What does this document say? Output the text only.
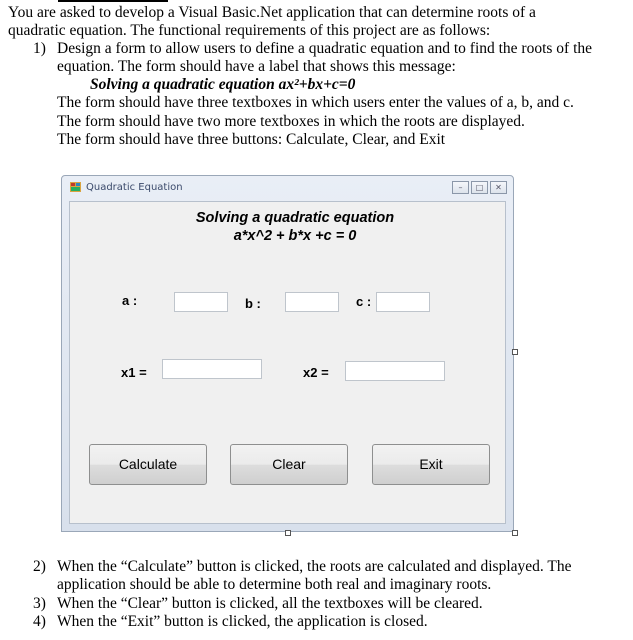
You are asked to develop a Visual Basic.Net application that can determine roots of a
quadratic equation. The functional requirements of this project are as follows:
1) Design a form to allow users to define a quadratic equation and to find the roots of the
equation. The form should have a label that shows this message:
Solving a quadratic equation ax²+bx+c=0
The form should have three textboxes in which users enter the values of a, b, and c.
The form should have two more textboxes in which the roots are displayed.
The form should have three buttons: Calculate, Clear, and Exit
Quadratic Equation	–	□	✕
Solving a quadratic equation
a*x^2 + b*x +c = 0
a :	b :	c :
x1 =	x2 =
Calculate	Clear	Exit
2) When the “Calculate” button is clicked, the roots are calculated and displayed. The
application should be able to determine both real and imaginary roots.
3) When the “Clear” button is clicked, all the textboxes will be cleared.
4) When the “Exit” button is clicked, the application is closed.
